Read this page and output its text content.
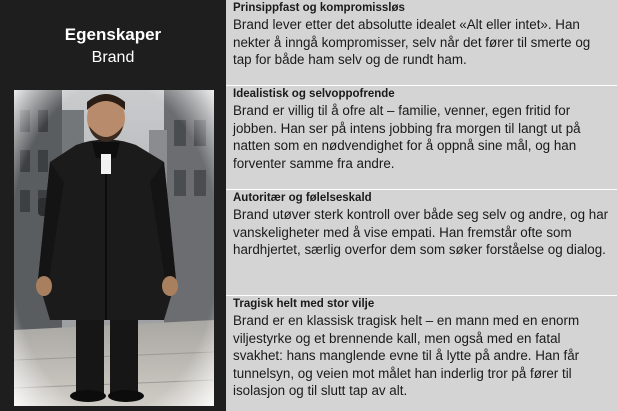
Egenskaper
Brand
Prinsippfast og kompromissløs
Brand lever etter det absolutte idealet «Alt eller intet». Han nekter å inngå kompromisser, selv når det fører til smerte og tap for både ham selv og de rundt ham.
Idealistisk og selvoppofrende
Brand er villig til å ofre alt – familie, venner, egen fritid for jobben. Han ser på intens jobbing fra morgen til langt ut på natten som en nødvendighet for å oppnå sine mål, og han forventer samme fra andre.
Autoritær og følelseskald
Brand utøver sterk kontroll over både seg selv og andre, og har vanskeligheter med å vise empati. Han fremstår ofte som hardhjertet, særlig overfor dem som søker forståelse og dialog.
Tragisk helt med stor vilje
Brand er en klassisk tragisk helt – en mann med en enorm viljestyrke og et brennende kall, men også med en fatal svakhet: hans manglende evne til å lytte på andre. Han får tunnelsyn, og veien mot målet han inderlig tror på fører til isolasjon og til slutt tap av alt.
